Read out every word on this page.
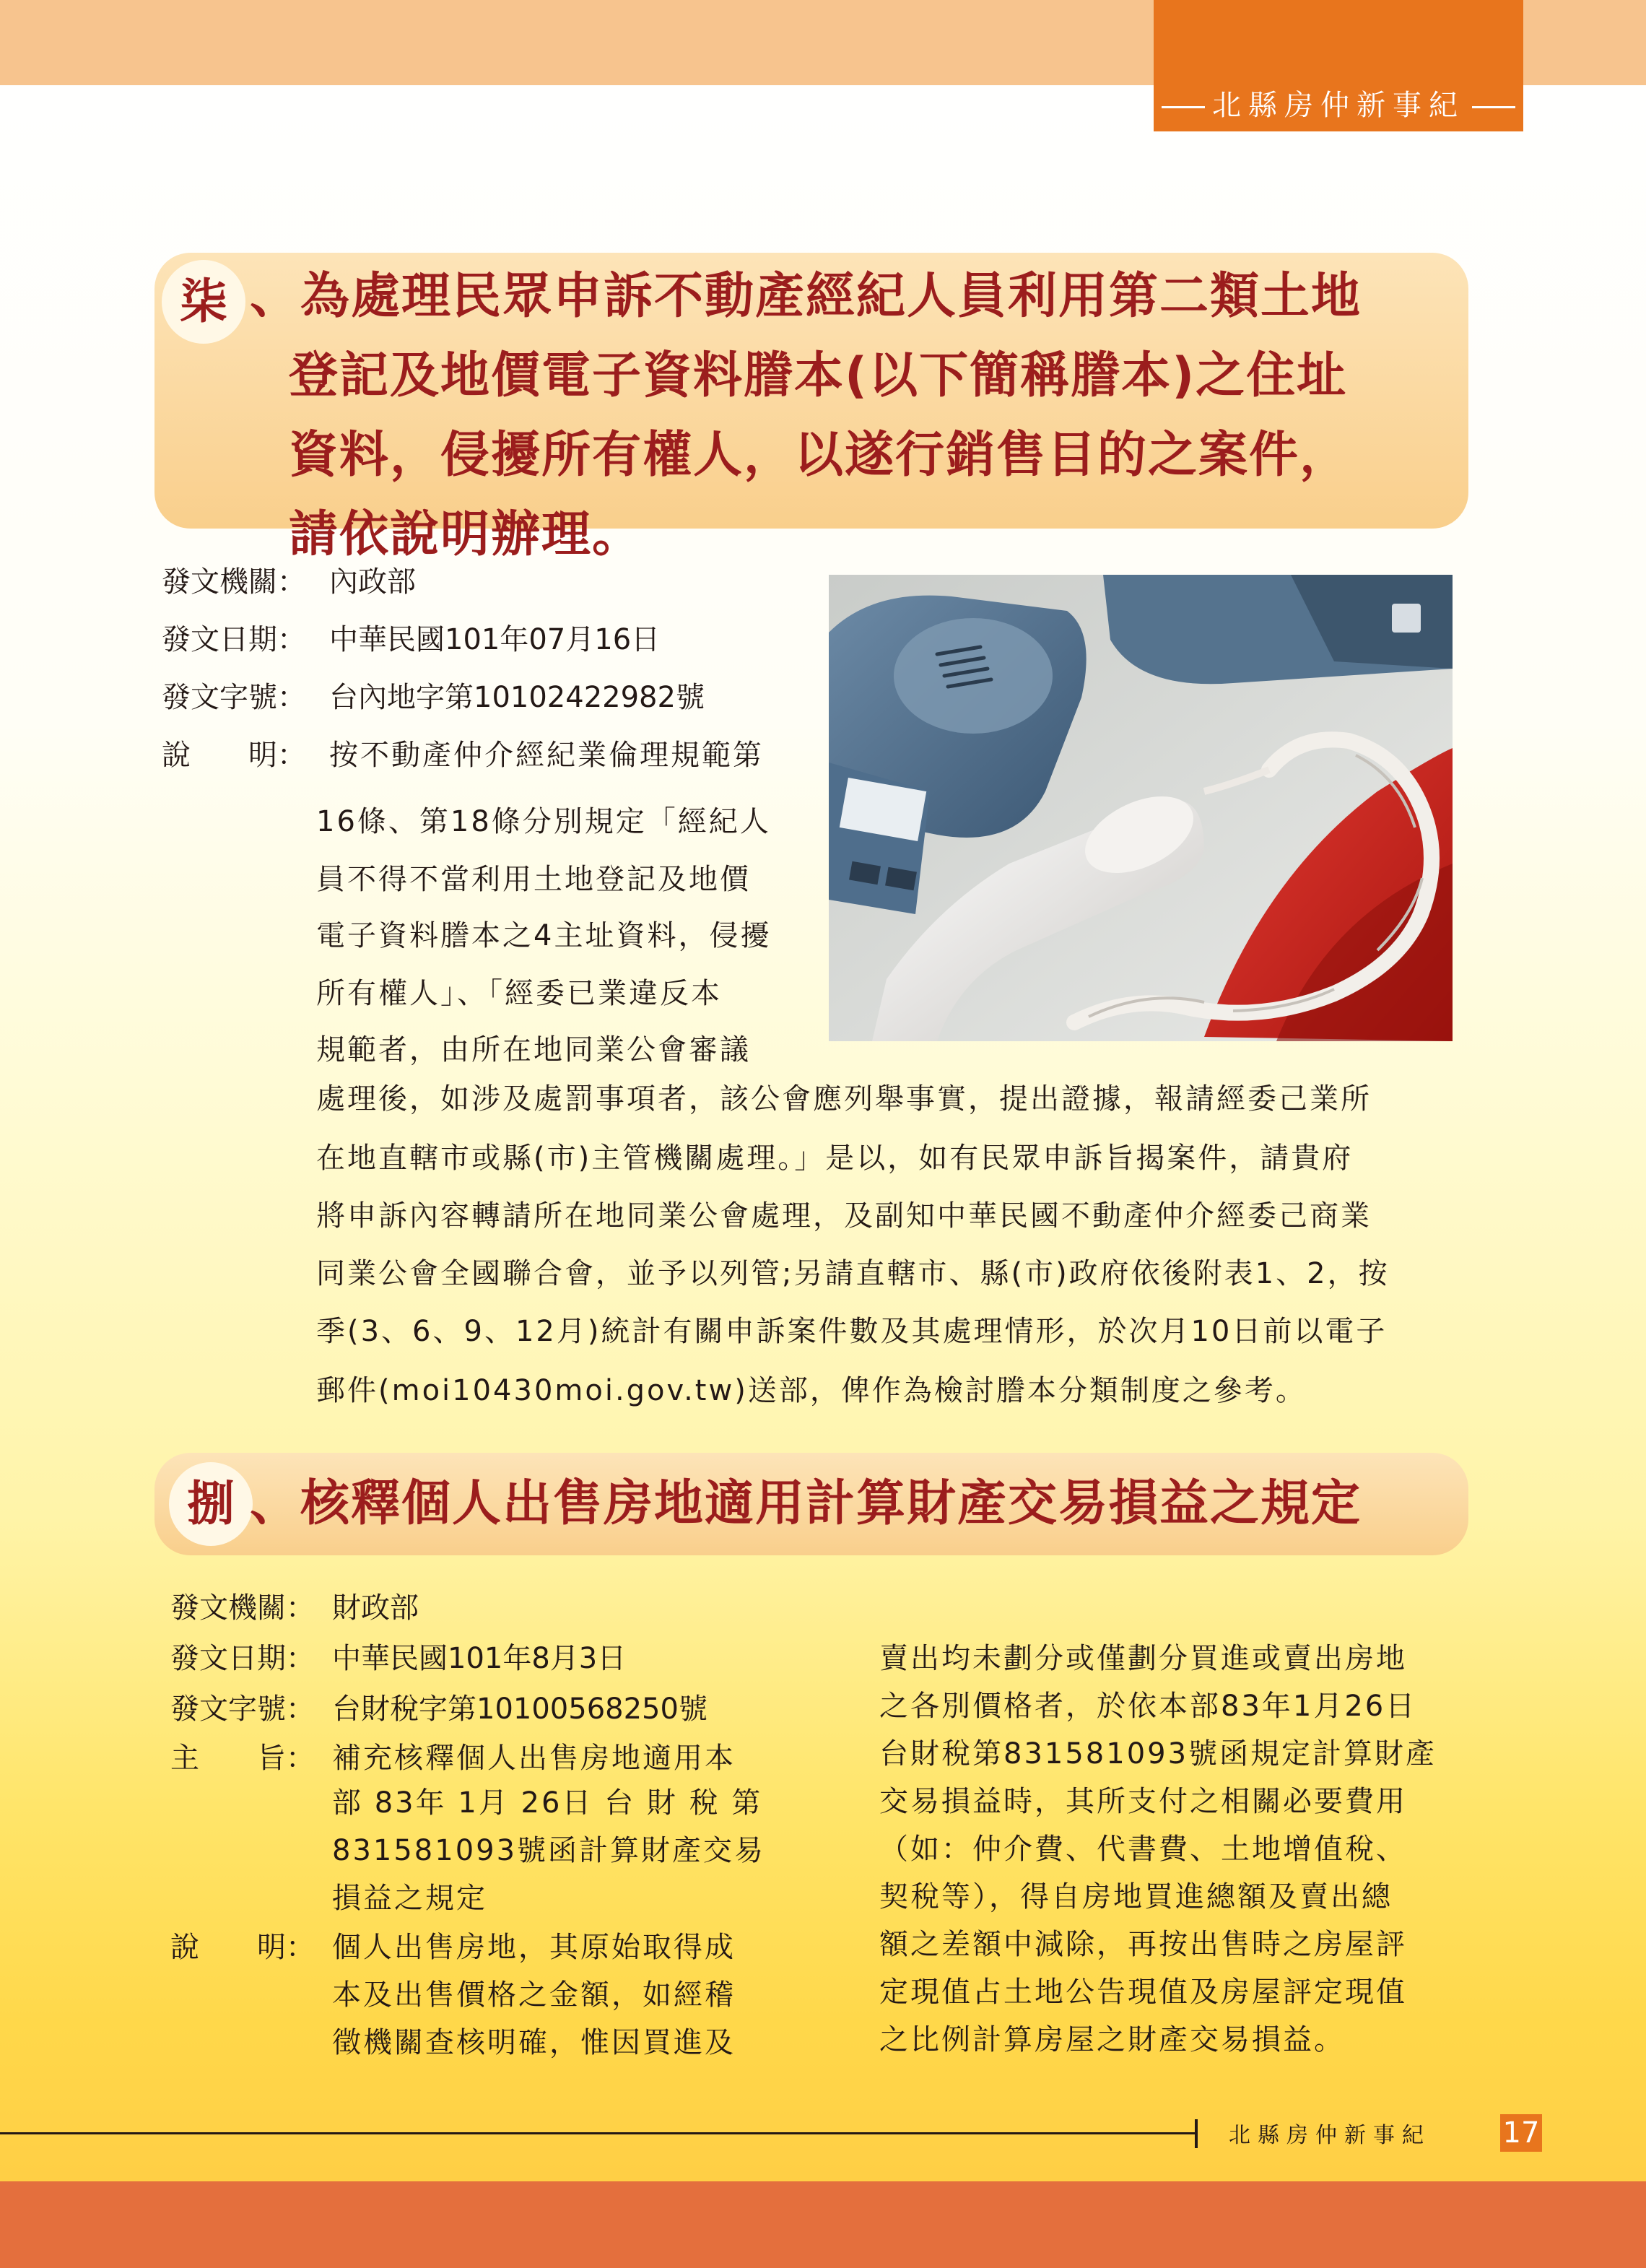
北縣房仲新事紀
柒 、為處理民眾申訴不動產經紀人員利用第二類土地
登記及地價電子資料謄本(以下簡稱謄本)之住址
資料，侵擾所有權人，以遂行銷售目的之案件，
請依說明辦理。
發文機關： 內政部
發文日期： 中華民國101年07月16日
發文字號： 台內地字第10102422982號
說　　明： 按不動產仲介經紀業倫理規範第
16條、第18條分別規定「經紀人
員不得不當利用土地登記及地價
電子資料謄本之4主址資料，侵擾
所有權人」、「經委已業違反本
規範者，由所在地同業公會審議
處理後，如涉及處罰事項者，該公會應列舉事實，提出證據，報請經委己業所
在地直轄市或縣(市)主管機關處理。」是以，如有民眾申訴旨揭案件，請貴府
將申訴內容轉請所在地同業公會處理，及副知中華民國不動產仲介經委己商業
同業公會全國聯合會，並予以列管;另請直轄市、縣(市)政府依後附表1、2，按
季(3、6、9、12月)統計有關申訴案件數及其處理情形，於次月10日前以電子
郵件(moi10430moi.gov.tw)送部，俾作為檢討謄本分類制度之參考。
捌 、核釋個人出售房地適用計算財產交易損益之規定
發文機關： 財政部
發文日期： 中華民國101年8月3日
發文字號： 台財稅字第10100568250號
主　　旨： 補充核釋個人出售房地適用本
部 83年 1月 26日 台 財 稅 第
831581093號函計算財產交易
損益之規定
說　　明： 個人出售房地，其原始取得成
本及出售價格之金額，如經稽
徵機關查核明確，惟因買進及
賣出均未劃分或僅劃分買進或賣出房地
之各別價格者，於依本部83年1月26日
台財稅第831581093號函規定計算財產
交易損益時，其所支付之相關必要費用
（如：仲介費、代書費、土地增值稅、
契稅等），得自房地買進總額及賣出總
額之差額中減除，再按出售時之房屋評
定現值占土地公告現值及房屋評定現值
之比例計算房屋之財產交易損益。
北縣房仲新事紀 17
